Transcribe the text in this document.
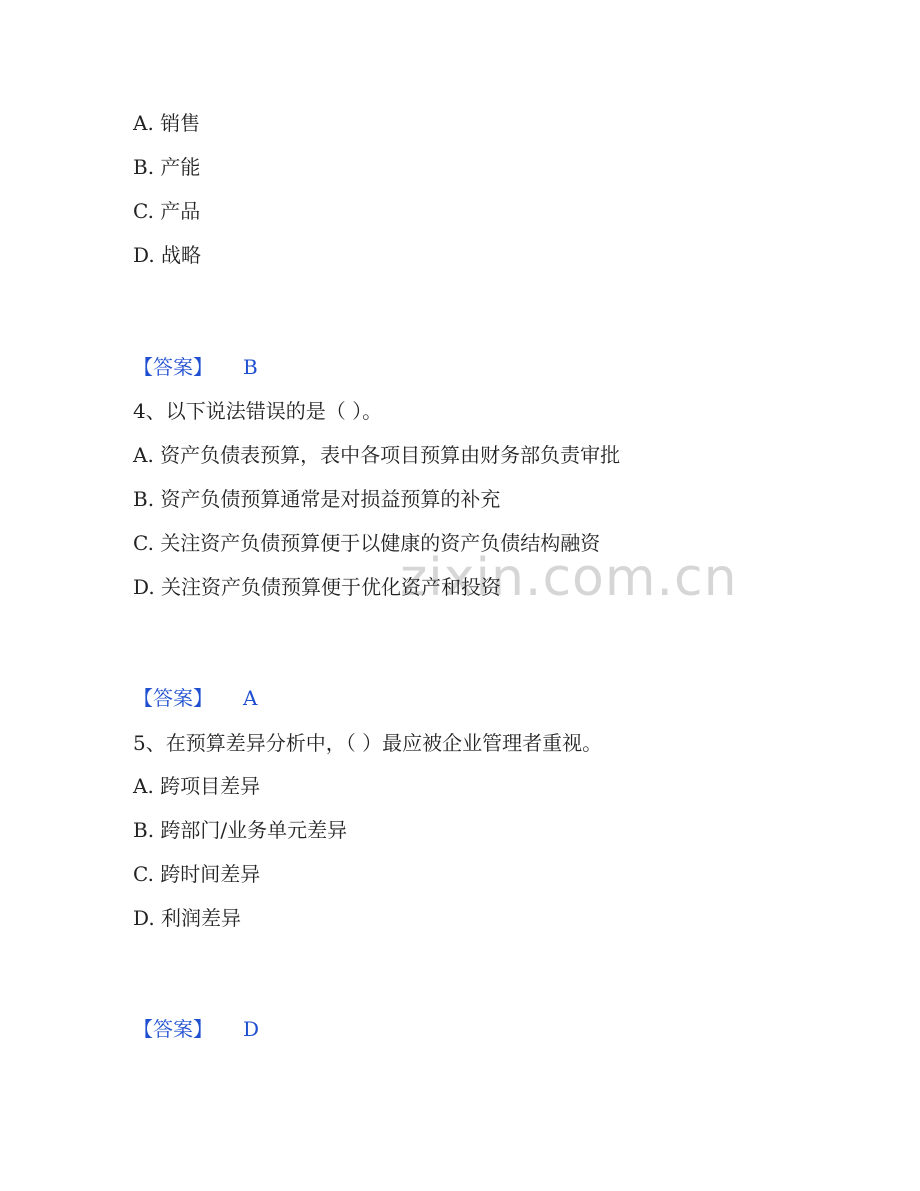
zixin.com.cn
A. 销售
B. 产能
C. 产品
D. 战略
【答案】 B
4、以下说法错误的是（ ）。
A. 资产负债表预算，表中各项目预算由财务部负责审批
B. 资产负债预算通常是对损益预算的补充
C. 关注资产负债预算便于以健康的资产负债结构融资
D. 关注资产负债预算便于优化资产和投资
【答案】 A
5、在预算差异分析中，（ ）最应被企业管理者重视。
A. 跨项目差异
B. 跨部门/业务单元差异
C. 跨时间差异
D. 利润差异
【答案】 D
